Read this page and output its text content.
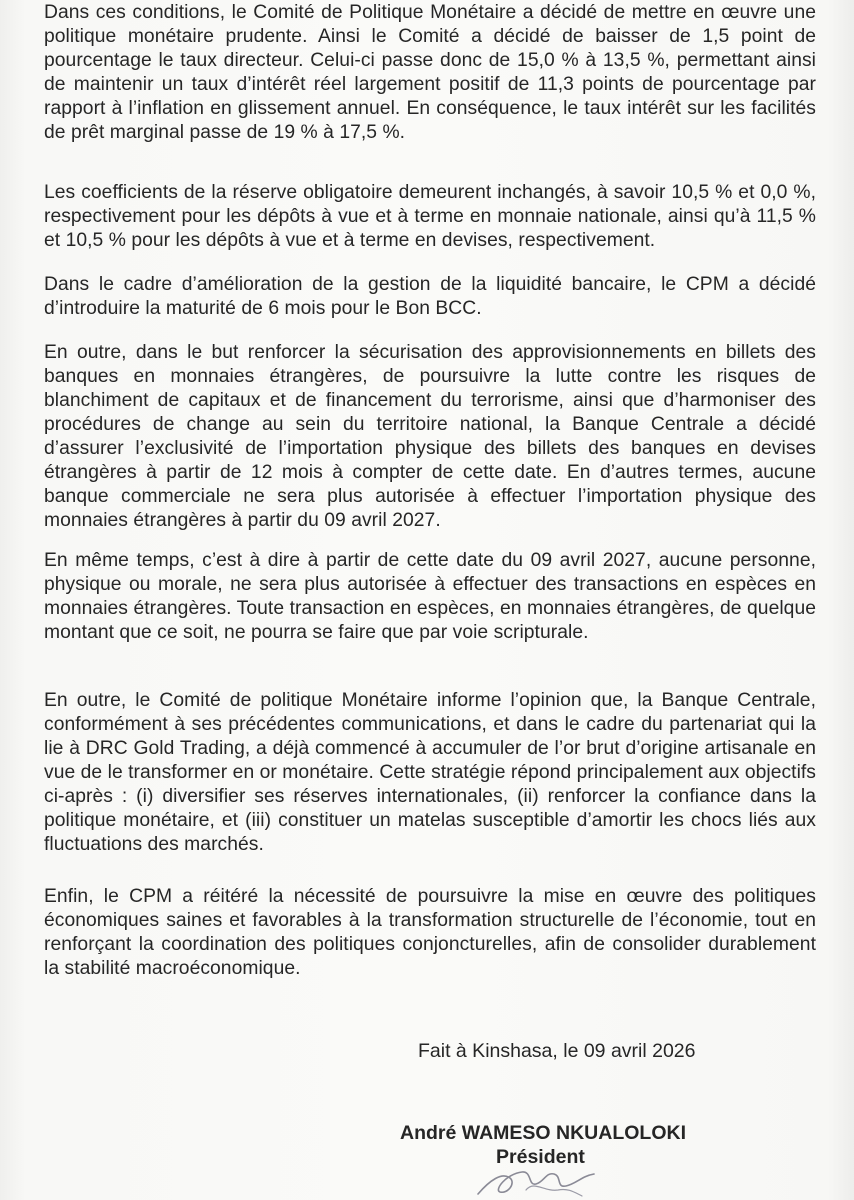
Dans ces conditions, le Comité de Politique Monétaire a décidé de mettre en œuvre une politique monétaire prudente. Ainsi le Comité a décidé de baisser de 1,5 point de pourcentage le taux directeur. Celui-ci passe donc de 15,0 % à 13,5 %, permettant ainsi de maintenir un taux d’intérêt réel largement positif de 11,3 points de pourcentage par rapport à l’inflation en glissement annuel. En conséquence, le taux intérêt sur les facilités de prêt marginal passe de 19 % à 17,5 %.

Les coefficients de la réserve obligatoire demeurent inchangés, à savoir 10,5 % et 0,0 %, respectivement pour les dépôts à vue et à terme en monnaie nationale, ainsi qu’à 11,5 % et 10,5 % pour les dépôts à vue et à terme en devises, respectivement.

Dans le cadre d’amélioration de la gestion de la liquidité bancaire, le CPM a décidé d’introduire la maturité de 6 mois pour le Bon BCC.

En outre, dans le but renforcer la sécurisation des approvisionnements en billets des banques en monnaies étrangères, de poursuivre la lutte contre les risques de blanchiment de capitaux et de financement du terrorisme, ainsi que d’harmoniser des procédures de change au sein du territoire national, la Banque Centrale a décidé d’assurer l’exclusivité de l’importation physique des billets des banques en devises étrangères à partir de 12 mois à compter de cette date. En d’autres termes, aucune banque commerciale ne sera plus autorisée à effectuer l’importation physique des monnaies étrangères à partir du 09 avril 2027.

En même temps, c’est à dire à partir de cette date du 09 avril 2027, aucune personne, physique ou morale, ne sera plus autorisée à effectuer des transactions en espèces en monnaies étrangères. Toute transaction en espèces, en monnaies étrangères, de quelque montant que ce soit, ne pourra se faire que par voie scripturale.

En outre, le Comité de politique Monétaire informe l’opinion que, la Banque Centrale, conformément à ses précédentes communications, et dans le cadre du partenariat qui la lie à DRC Gold Trading, a déjà commencé à accumuler de l’or brut d’origine artisanale en vue de le transformer en or monétaire. Cette stratégie répond principalement aux objectifs ci-après : (i) diversifier ses réserves internationales, (ii) renforcer la confiance dans la politique monétaire, et (iii) constituer un matelas susceptible d’amortir les chocs liés aux fluctuations des marchés.

Enfin, le CPM a réitéré la nécessité de poursuivre la mise en œuvre des politiques économiques saines et favorables à la transformation structurelle de l’économie, tout en renforçant la coordination des politiques conjoncturelles, afin de consolider durablement la stabilité macroéconomique.

Fait à Kinshasa, le 09 avril 2026
André WAMESO NKUALOLOKI
Président
